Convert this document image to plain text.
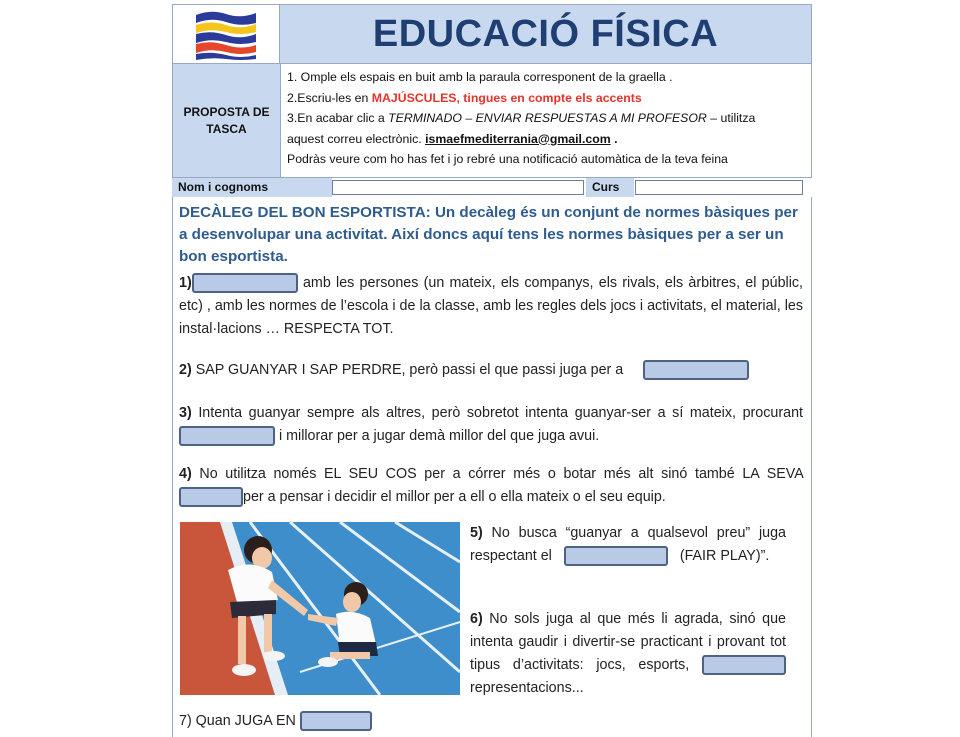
EDUCACIÓ FÍSICA
PROPOSTA DE
TASCA
1. Omple els espais en buit amb la paraula corresponent de la graella .
2.Escriu-les en MAJÚSCULES, tingues en compte els accents
3.En acabar clic a TERMINADO – ENVIAR RESPUESTAS A MI PROFESOR – utilitza
aquest correu electrònic. ismaefmediterrania@gmail.com .
Podràs veure com ho has fet i jo rebré una notificació automàtica de la teva feina
Nom i cognoms	Curs
DECÀLEG DEL BON ESPORTISTA: Un decàleg és un conjunt de normes bàsiques per a desenvolupar una activitat. Així doncs aquí tens les normes bàsiques per a ser un bon esportista.
1)	amb les persones (un mateix, els companys, els rivals, els àrbitres, el públic, etc) , amb les normes de l’escola i de la classe, amb les regles dels jocs i activitats, el material, les instal·lacions … RESPECTA TOT.
2) SAP GUANYAR I SAP PERDRE, però passi el que passi juga per a
3) Intenta guanyar sempre als altres, però sobretot intenta guanyar-ser a sí mateix, procurant i millorar per a jugar demà millor del que juga avui.
4) No utilitza només EL SEU COS per a córrer més o botar més alt sinó també LA SEVA per a pensar i decidir el millor per a ell o ella mateix o el seu equip.
5) No busca “guanyar a qualsevol preu” juga respectant el	(FAIR PLAY)”.
6) No sols juga al que més li agrada, sinó que intenta gaudir i divertir-se practicant i provant tot tipus d’activitats: jocs, esports, representacions...
7) Quan JUGA EN
